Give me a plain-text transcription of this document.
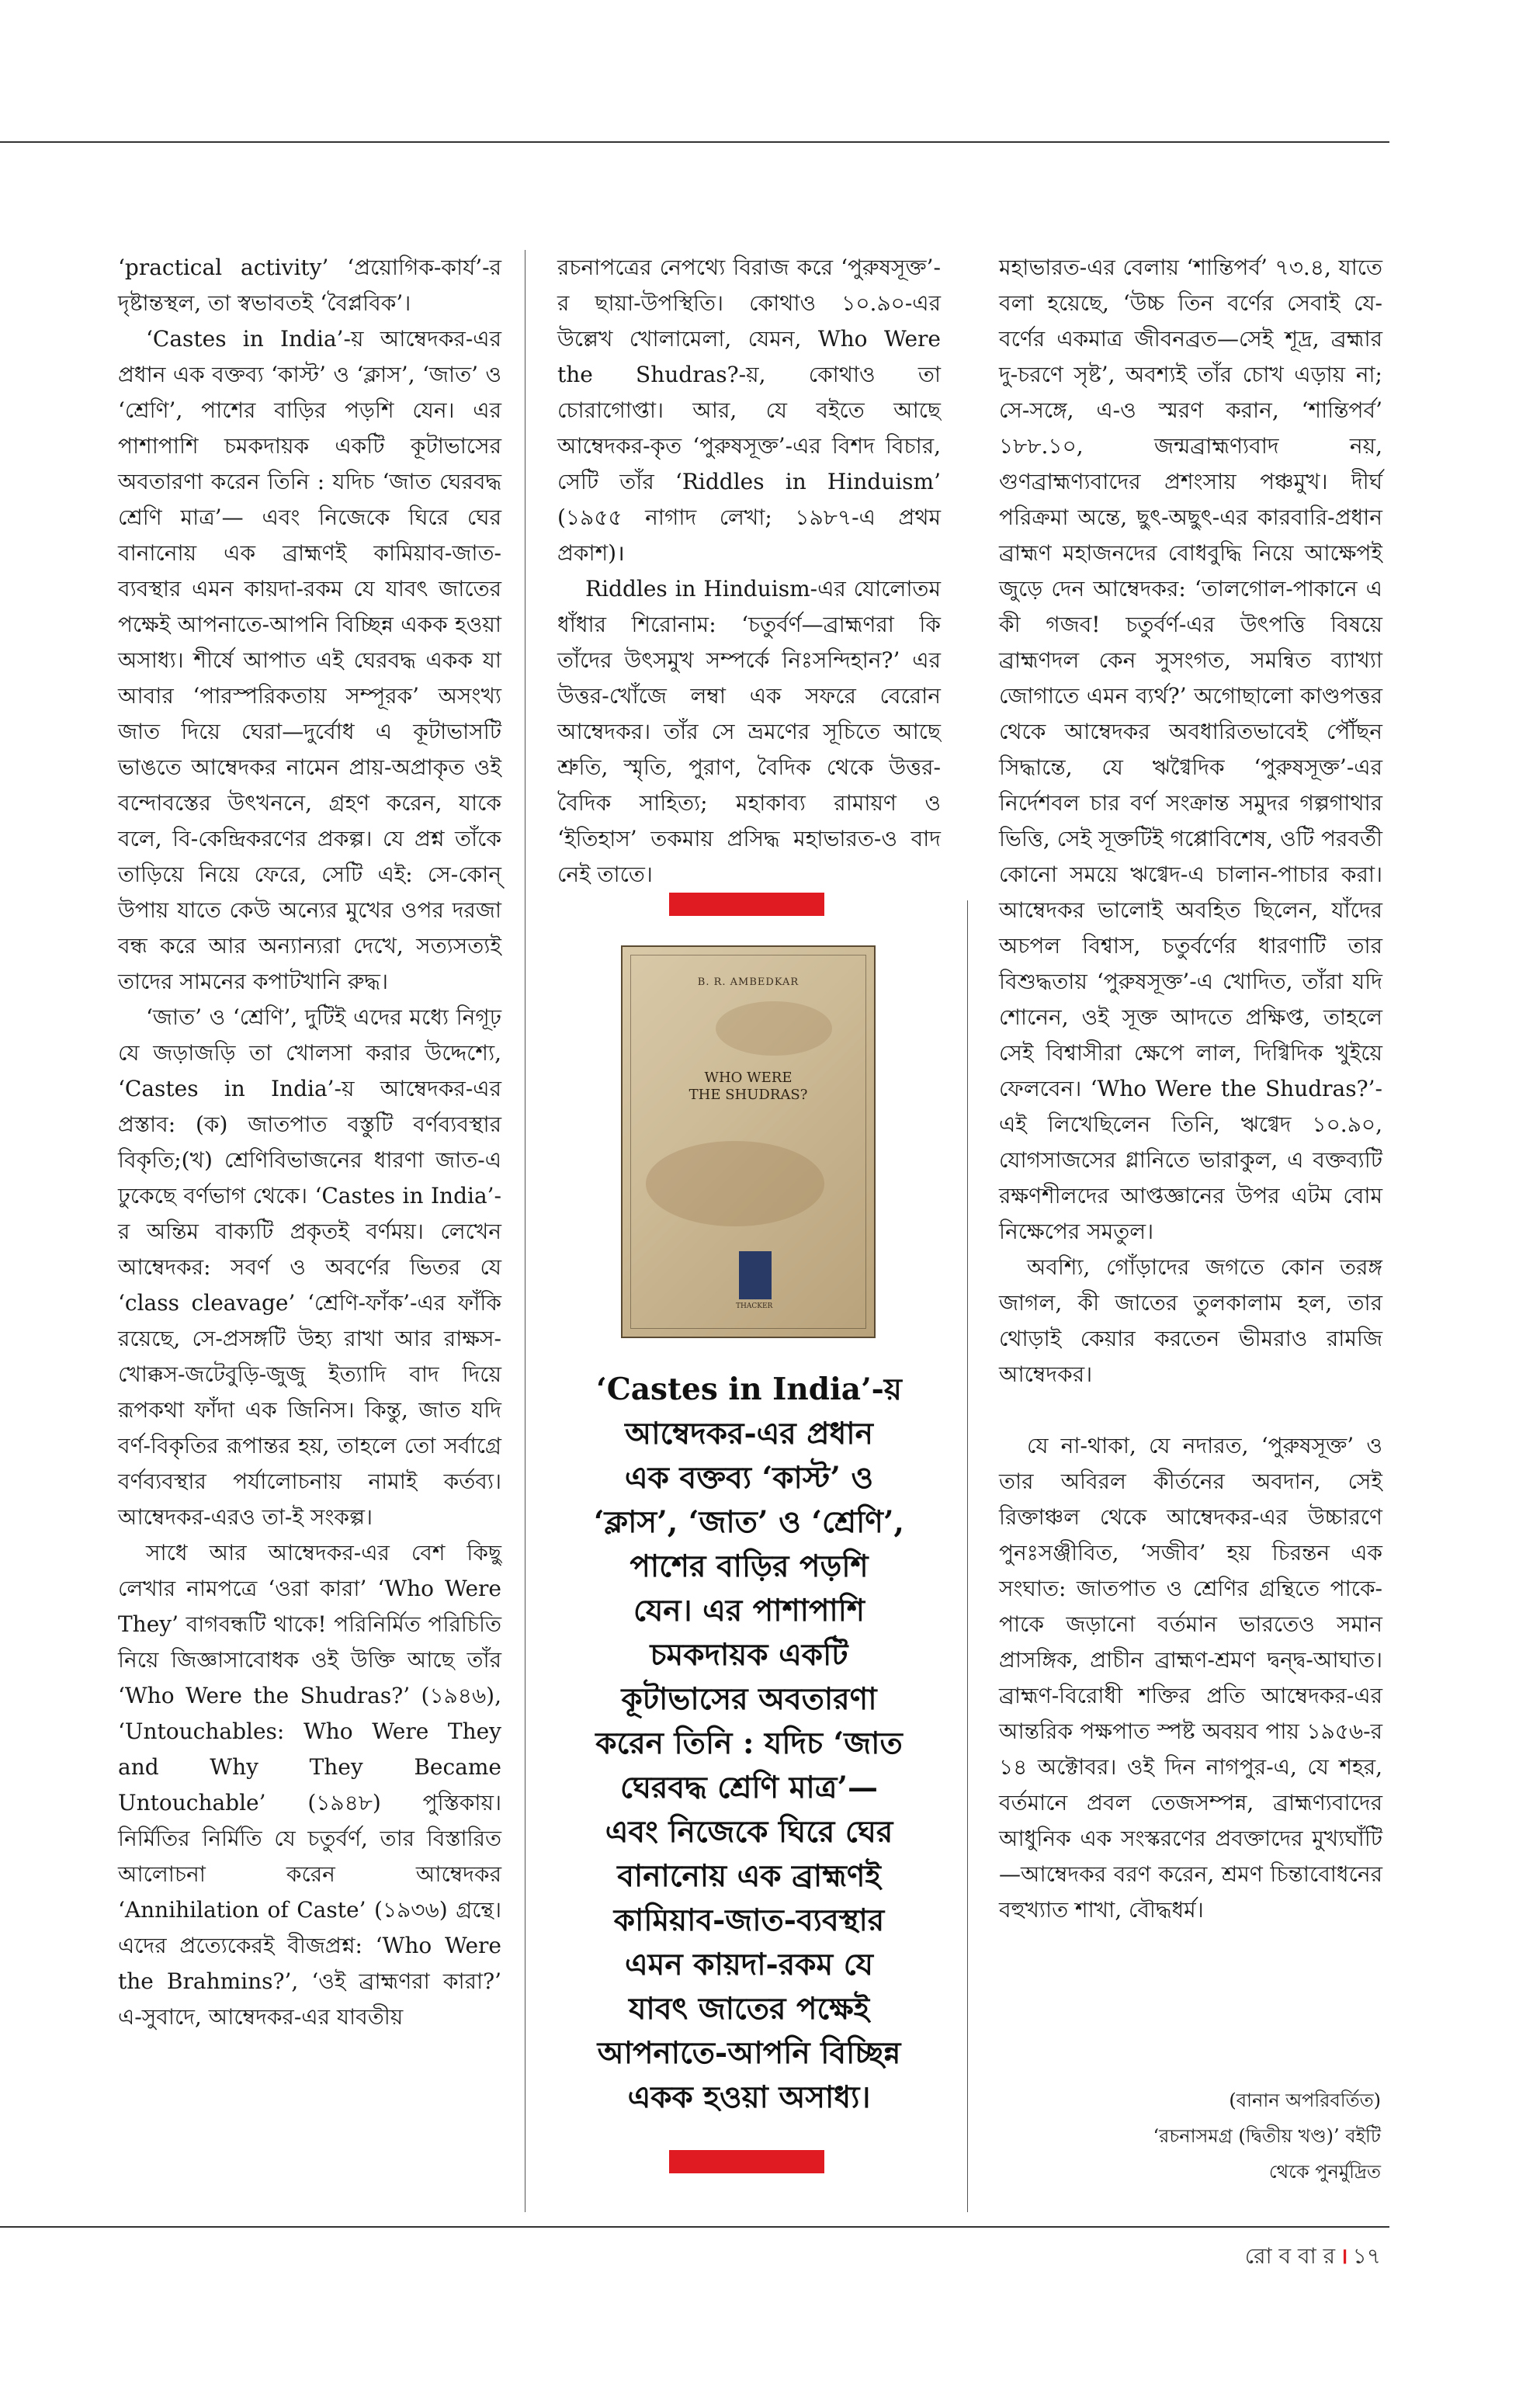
‘practical activity’ ‘প্রয়োগিক-কার্য’-র দৃষ্টান্তস্থল, তা স্বভাবতই ‘বৈপ্লবিক’।

‘Castes in India’-য় আম্বেদকর-এর প্রধান এক বক্তব্য ‘কাস্ট’ ও ‘ক্লাস’, ‘জাত’ ও ‘শ্রেণি’, পাশের বাড়ির পড়শি যেন। এর পাশাপাশি চমকদায়ক একটি কূটাভাসের অবতারণা করেন তিনি : যদিচ ‘জাত ঘেরবদ্ধ শ্রেণি মাত্র’— এবং নিজেকে ঘিরে ঘের বানানোয় এক ব্রাহ্মণই কামিয়াব-জাত-ব্যবস্থার এমন কায়দা-রকম যে যাবৎ জাতের পক্ষেই আপনাতে-আপনি বিচ্ছিন্ন একক হওয়া অসাধ্য। শীর্ষে আপাত এই ঘেরবদ্ধ একক যা আবার ‘পারস্পরিকতায় সম্পূরক’ অসংখ্য জাত দিয়ে ঘেরা—দুর্বোধ এ কূটাভাসটি ভাঙতে আম্বেদকর নামেন প্রায়-অপ্রাকৃত ওই বন্দোবস্তের উৎখননে, গ্রহণ করেন, যাকে বলে, বি-কেন্দ্রিকরণের প্রকল্প। যে প্রশ্ন তাঁকে তাড়িয়ে নিয়ে ফেরে, সেটি এই: সে-কোন্ উপায় যাতে কেউ অন্যের মুখের ওপর দরজা বন্ধ করে আর অন্যান্যরা দেখে, সত্যসত্যই তাদের সামনের কপাটখানি রুদ্ধ।

‘জাত’ ও ‘শ্রেণি’, দুটিই এদের মধ্যে নিগূঢ় যে জড়াজড়ি তা খোলসা করার উদ্দেশ্যে, ‘Castes in India’-য় আম্বেদকর-এর প্রস্তাব: (ক) জাতপাত বস্তুটি বর্ণব্যবস্থার বিকৃতি;(খ) শ্রেণিবিভাজনের ধারণা জাত-এ ঢুকেছে বর্ণভাগ থেকে। ‘Castes in India’-র অন্তিম বাক্যটি প্রকৃতই বর্ণময়। লেখেন আম্বেদকর: সবর্ণ ও অবর্ণের ভিতর যে ‘class cleavage’ ‘শ্রেণি-ফাঁক’-এর ফাঁকি রয়েছে, সে-প্রসঙ্গটি উহ্য রাখা আর রাক্ষস-খোক্কস-জটেবুড়ি-জুজু ইত্যাদি বাদ দিয়ে রূপকথা ফাঁদা এক জিনিস। কিন্তু, জাত যদি বর্ণ-বিকৃতির রূপান্তর হয়, তাহলে তো সর্বাগ্রে বর্ণব্যবস্থার পর্যালোচনায় নামাই কর্তব্য। আম্বেদকর-এরও তা-ই সংকল্প।

সাধে আর আম্বেদকর-এর বেশ কিছু লেখার নামপত্রে ‘ওরা কারা’ ‘Who Were They’ বাগবন্ধটি থাকে! পরিনির্মিত পরিচিতি নিয়ে জিজ্ঞাসাবোধক ওই উক্তি আছে তাঁর ‘Who Were the Shudras?’ (১৯৪৬), ‘Untouchables: Who Were They and Why They Became Untouchable’ (১৯৪৮) পুস্তিকায়। নির্মিতির নির্মিতি যে চতুর্বর্ণ, তার বিস্তারিত আলোচনা করেন আম্বেদকর ‘Annihilation of Caste’ (১৯৩৬) গ্রন্থে। এদের প্রত্যেকেরই বীজপ্রশ্ন: ‘Who Were the Brahmins?’, ‘ওই ব্রাহ্মণরা কারা?’ এ-সুবাদে, আম্বেদকর-এর যাবতীয়

রচনাপত্রের নেপথ্যে বিরাজ করে ‘পুরুষসূক্ত’-র ছায়া-উপস্থিতি। কোথাও ১০.৯০-এর উল্লেখ খোলামেলা, যেমন, Who Were the Shudras?-য়, কোথাও তা চোরাগোপ্তা। আর, যে বইতে আছে আম্বেদকর-কৃত ‘পুরুষসূক্ত’-এর বিশদ বিচার, সেটি তাঁর ‘Riddles in Hinduism’ (১৯৫৫ নাগাদ লেখা; ১৯৮৭-এ প্রথম প্রকাশ)।

Riddles in Hinduism-এর যোলোতম ধাঁধার শিরোনাম: ‘চতুর্বর্ণ—ব্রাহ্মণরা কি তাঁদের উৎসমুখ সম্পর্কে নিঃসন্দিহান?’ এর উত্তর-খোঁজে লম্বা এক সফরে বেরোন আম্বেদকর। তাঁর সে ভ্রমণের সূচিতে আছে শ্রুতি, স্মৃতি, পুরাণ, বৈদিক থেকে উত্তর-বৈদিক সাহিত্য; মহাকাব্য রামায়ণ ও ‘ইতিহাস’ তকমায় প্রসিদ্ধ মহাভারত-ও বাদ নেই তাতে।

B. R. AMBEDKAR
WHO WERE
THE SHUDRAS?
THACKER

‘Castes in India’-য়

আম্বেদকর-এর প্রধান

এক বক্তব্য ‘কাস্ট’ ও

‘ক্লাস’, ‘জাত’ ও ‘শ্রেণি’,

পাশের বাড়ির পড়শি

যেন। এর পাশাপাশি

চমকদায়ক একটি

কূটাভাসের অবতারণা

করেন তিনি : যদিচ ‘জাত

ঘেরবদ্ধ শ্রেণি মাত্র’—

এবং নিজেকে ঘিরে ঘের

বানানোয় এক ব্রাহ্মণই

কামিয়াব-জাত-ব্যবস্থার

এমন কায়দা-রকম যে

যাবৎ জাতের পক্ষেই

আপনাতে-আপনি বিচ্ছিন্ন

একক হওয়া অসাধ্য।

মহাভারত-এর বেলায় ‘শান্তিপর্ব’ ৭৩.৪, যাতে বলা হয়েছে, ‘উচ্চ তিন বর্ণের সেবাই যে-বর্ণের একমাত্র জীবনব্রত—সেই শূদ্র, ব্রহ্মার দু-চরণে সৃষ্ট’, অবশ্যই তাঁর চোখ এড়ায় না; সে-সঙ্গে, এ-ও স্মরণ করান, ‘শান্তিপর্ব’ ১৮৮.১০, জন্মব্রাহ্মণ্যবাদ নয়, গুণব্রাহ্মণ্যবাদের প্রশংসায় পঞ্চমুখ। দীর্ঘ পরিক্রমা অন্তে, ছুৎ-অছুৎ-এর কারবারি-প্রধান ব্রাহ্মণ মহাজনদের বোধবুদ্ধি নিয়ে আক্ষেপই জুড়ে দেন আম্বেদকর: ‘তালগোল-পাকানে এ কী গজব! চতুর্বর্ণ-এর উৎপত্তি বিষয়ে ব্রাহ্মণদল কেন সুসংগত, সমন্বিত ব্যাখ্যা জোগাতে এমন ব্যর্থ?’ অগোছালো কাণ্ডপত্তর থেকে আম্বেদকর অবধারিতভাবেই পৌঁছন সিদ্ধান্তে, যে ঋগ্বৈদিক ‘পুরুষসূক্ত’-এর নির্দেশবল চার বর্ণ সংক্রান্ত সমুদর গল্পগাথার ভিত্তি, সেই সূক্তটিই গপ্পোবিশেষ, ওটি পরবর্তী কোনো সময়ে ঋগ্বেদ-এ চালান-পাচার করা। আম্বেদকর ভালোই অবহিত ছিলেন, যাঁদের অচপল বিশ্বাস, চতুর্বর্ণের ধারণাটি তার বিশুদ্ধতায় ‘পুরুষসূক্ত’-এ খোদিত, তাঁরা যদি শোনেন, ওই সূক্ত আদতে প্রক্ষিপ্ত, তাহলে সেই বিশ্বাসীরা ক্ষেপে লাল, দিগ্বিদিক খুইয়ে ফেলবেন। ‘Who Were the Shudras?’-এই লিখেছিলেন তিনি, ঋগ্বেদ ১০.৯০, যোগসাজসের গ্লানিতে ভারাকুল, এ বক্তব্যটি রক্ষণশীলদের আপ্তজ্ঞানের উপর এটম বোম নিক্ষেপের সমতুল।

অবশ্যি, গোঁড়াদের জগতে কোন তরঙ্গ জাগল, কী জাতের তুলকালাম হল, তার থোড়াই কেয়ার করতেন ভীমরাও রামজি আম্বেদকর।

যে না-থাকা, যে নদারত, ‘পুরুষসূক্ত’ ও তার অবিরল কীর্তনের অবদান, সেই রিক্তাঞ্চল থেকে আম্বেদকর-এর উচ্চারণে পুনঃসঞ্জীবিত, ‘সজীব’ হয় চিরন্তন এক সংঘাত: জাতপাত ও শ্রেণির গ্রন্থিতে পাকে-পাকে জড়ানো বর্তমান ভারতেও সমান প্রাসঙ্গিক, প্রাচীন ব্রাহ্মণ-শ্রমণ দ্বন্দ্ব-আঘাত। ব্রাহ্মণ-বিরোধী শক্তির প্রতি আম্বেদকর-এর আন্তরিক পক্ষপাত স্পষ্ট অবয়ব পায় ১৯৫৬-র ১৪ অক্টোবর। ওই দিন নাগপুর-এ, যে শহর, বর্তমানে প্রবল তেজসম্পন্ন, ব্রাহ্মণ্যবাদের আধুনিক এক সংস্করণের প্রবক্তাদের মুখ্যঘাঁটি—আম্বেদকর বরণ করেন, শ্রমণ চিন্তাবোধনের বহুখ্যাত শাখা, বৌদ্ধধর্ম।

(বানান অপরিবর্তিত)

‘রচনাসমগ্র (দ্বিতীয় খণ্ড)’ বইটি

থেকে পুনর্মুদ্রিত

রো ব বা র । ১৭
